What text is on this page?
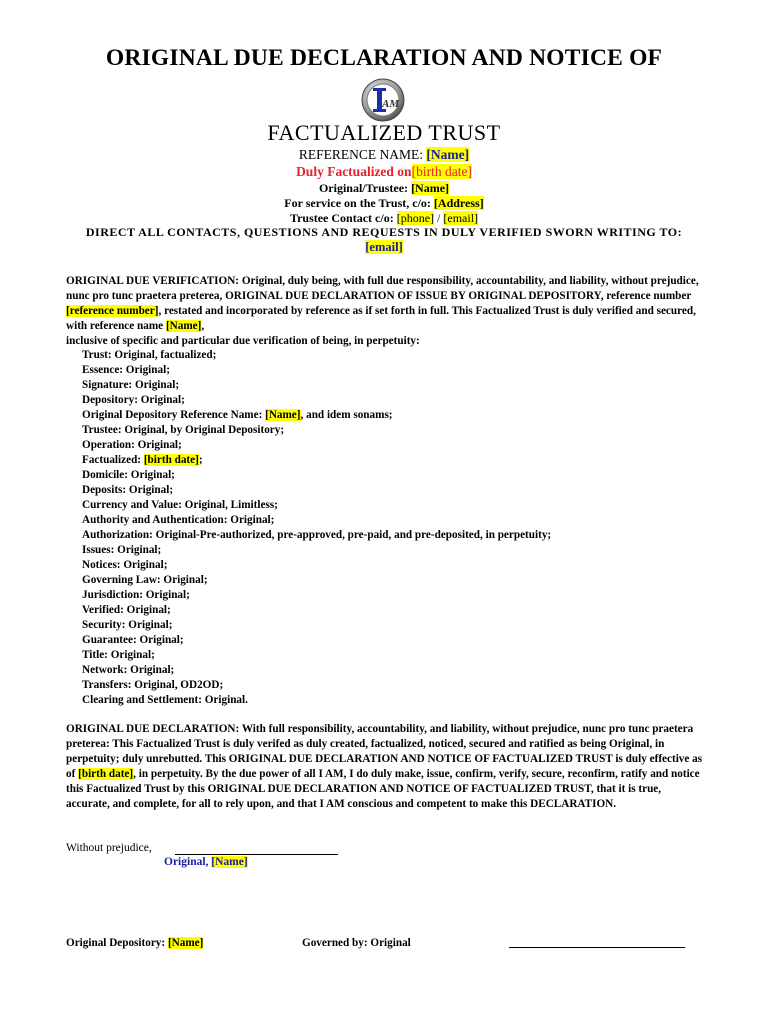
ORIGINAL DUE DECLARATION AND NOTICE OF
AM
FACTUALIZED TRUST
REFERENCE NAME: [Name]
Duly Factualized on[birth date]
Original/Trustee: [Name]
For service on the Trust, c/o: [Address]
Trustee Contact c/o: [phone] / [email]
DIRECT ALL CONTACTS, QUESTIONS AND REQUESTS IN DULY VERIFIED SWORN WRITING TO:
[email]
ORIGINAL DUE VERIFICATION: Original, duly being, with full due responsibility, accountability, and liability, without prejudice, nunc pro tunc praetera preterea, ORIGINAL DUE DECLARATION OF ISSUE BY ORIGINAL DEPOSITORY, reference number [reference number], restated and incorporated by reference as if set forth in full. This Factualized Trust is duly verified and secured, with reference name [Name],
inclusive of specific and particular due verification of being, in perpetuity:
Trust: Original, factualized;
Essence: Original;
Signature: Original;
Depository: Original;
Original Depository Reference Name: [Name], and idem sonams;
Trustee: Original, by Original Depository;
Operation: Original;
Factualized: [birth date];
Domicile: Original;
Deposits: Original;
Currency and Value: Original, Limitless;
Authority and Authentication: Original;
Authorization: Original-Pre-authorized, pre-approved, pre-paid, and pre-deposited, in perpetuity;
Issues: Original;
Notices: Original;
Governing Law: Original;
Jurisdiction: Original;
Verified: Original;
Security: Original;
Guarantee: Original;
Title: Original;
Network: Original;
Transfers: Original, OD2OD;
Clearing and Settlement: Original.
ORIGINAL DUE DECLARATION: With full responsibility, accountability, and liability, without prejudice, nunc pro tunc praetera preterea: This Factualized Trust is duly verifed as duly created, factualized, noticed, secured and ratified as being Original, in perpetuity; duly unrebutted. This ORIGINAL DUE DECLARATION AND NOTICE OF FACTUALIZED TRUST is duly effective as of [birth date], in perpetuity. By the due power of all I AM, I do duly make, issue, confirm, verify, secure, reconfirm, ratify and notice this Factualized Trust by this ORIGINAL DUE DECLARATION AND NOTICE OF FACTUALIZED TRUST, that it is true, accurate, and complete, for all to rely upon, and that I AM conscious and competent to make this DECLARATION.
Without prejudice,
Original, [Name]
Original Depository: [Name]	Governed by: Original
